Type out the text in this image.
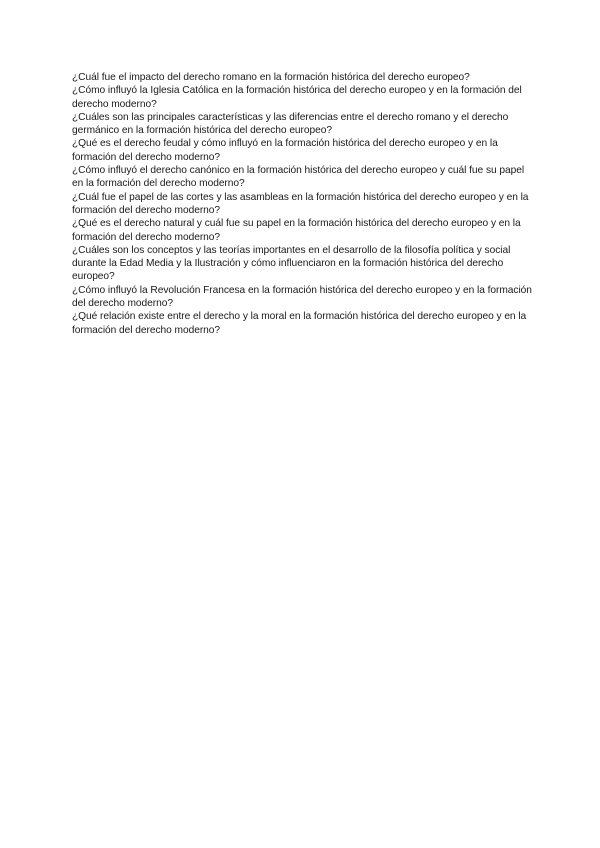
¿Cuál fue el impacto del derecho romano en la formación histórica del derecho europeo?
¿Cómo influyó la Iglesia Católica en la formación histórica del derecho europeo y en la formación del derecho moderno?
¿Cuáles son las principales características y las diferencias entre el derecho romano y el derecho germánico en la formación histórica del derecho europeo?
¿Qué es el derecho feudal y cómo influyó en la formación histórica del derecho europeo y en la formación del derecho moderno?
¿Cómo influyó el derecho canónico en la formación histórica del derecho europeo y cuál fue su papel en la formación del derecho moderno?
¿Cuál fue el papel de las cortes y las asambleas en la formación histórica del derecho europeo y en la formación del derecho moderno?
¿Qué es el derecho natural y cuál fue su papel en la formación histórica del derecho europeo y en la formación del derecho moderno?
¿Cuáles son los conceptos y las teorías importantes en el desarrollo de la filosofía política y social durante la Edad Media y la Ilustración y cómo influenciaron en la formación histórica del derecho europeo?
¿Cómo influyó la Revolución Francesa en la formación histórica del derecho europeo y en la formación del derecho moderno?
¿Qué relación existe entre el derecho y la moral en la formación histórica del derecho europeo y en la formación del derecho moderno?
